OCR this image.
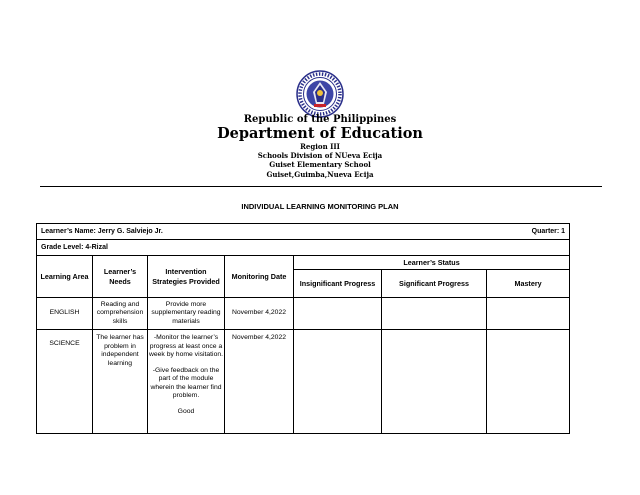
Republic of the Philippines
Department of Education
Region III
Schools Division of NUeva Ecija
Guiset Elementary School
Guiset,Guimba,Nueva Ecija
INDIVIDUAL LEARNING MONITORING PLAN
Learner’s Name: Jerry G. Salviejo Jr. Quarter: 1						

Grade Level: 4-Rizal						
Learning Area	Learner’s Needs	Intervention Strategies Provided	Monitoring Date	Learner’s Status		
				Insignificant Progress	Significant Progress	Mastery
ENGLISH	Reading and comprehension skills	Provide more supplementary reading materials	November 4,2022			
SCIENCE	The learner has problem in independent learning	-Monitor the learner’s progress at least once a week by home visitation.
-Give feedback on the part of the module wherein the learner find problem.
Good	November 4,2022			
